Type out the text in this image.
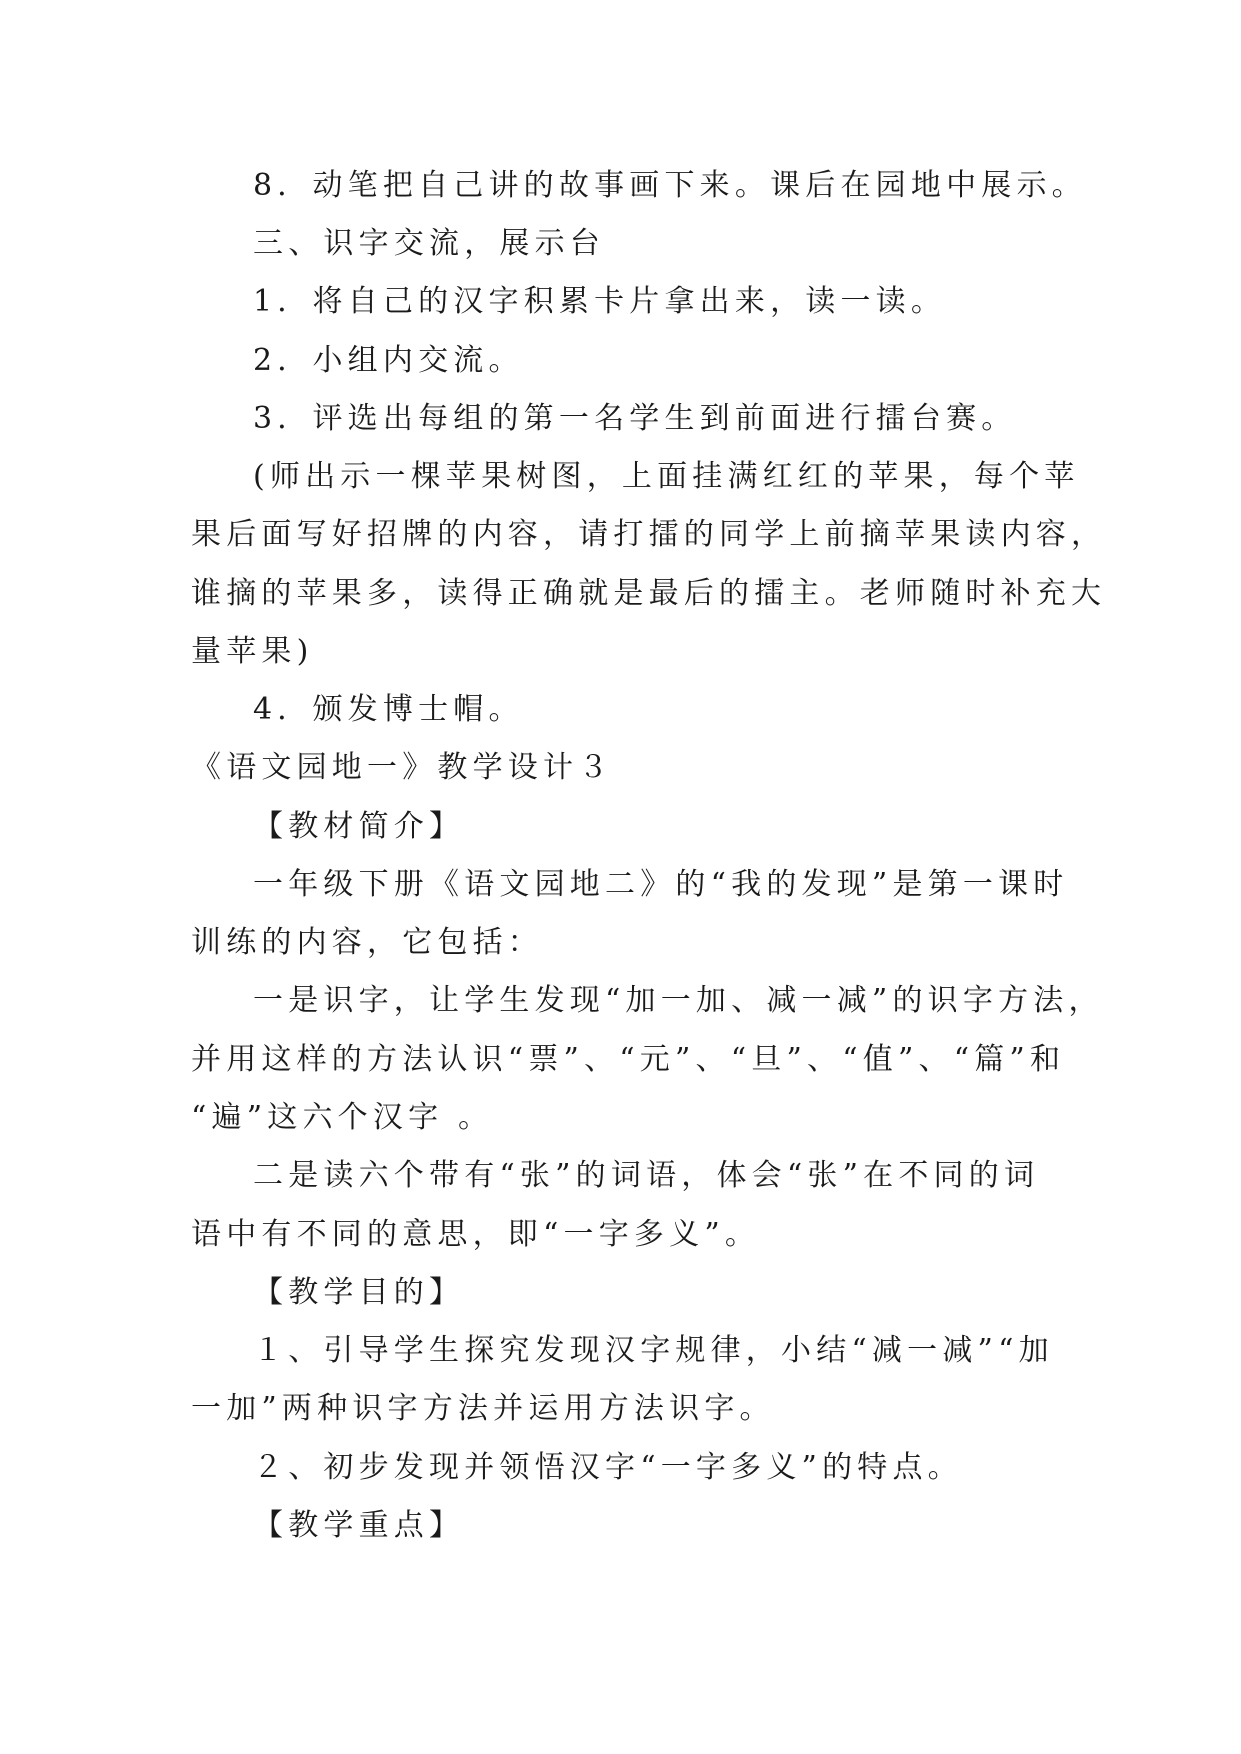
8．动笔把自己讲的故事画下来。课后在园地中展示。
三、识字交流，展示台
1．将自己的汉字积累卡片拿出来，读一读。
2．小组内交流。
3．评选出每组的第一名学生到前面进行擂台赛。
(师出示一棵苹果树图，上面挂满红红的苹果，每个苹
果后面写好招牌的内容，请打擂的同学上前摘苹果读内容，
谁摘的苹果多，读得正确就是最后的擂主。老师随时补充大
量苹果)
4．颁发博士帽。
《语文园地一》教学设计３
【教材简介】
一年级下册《语文园地二》的“我的发现”是第一课时
训练的内容，它包括：
一是识字，让学生发现“加一加、减一减”的识字方法，
并用这样的方法认识“票”、“元”、“旦”、“值”、“篇”和
“遍”这六个汉字 。
二是读六个带有“张”的词语，体会“张”在不同的词
语中有不同的意思，即“一字多义”。
【教学目的】
１、引导学生探究发现汉字规律，小结“减一减”“加
一加”两种识字方法并运用方法识字。
２、初步发现并领悟汉字“一字多义”的特点。
【教学重点】
